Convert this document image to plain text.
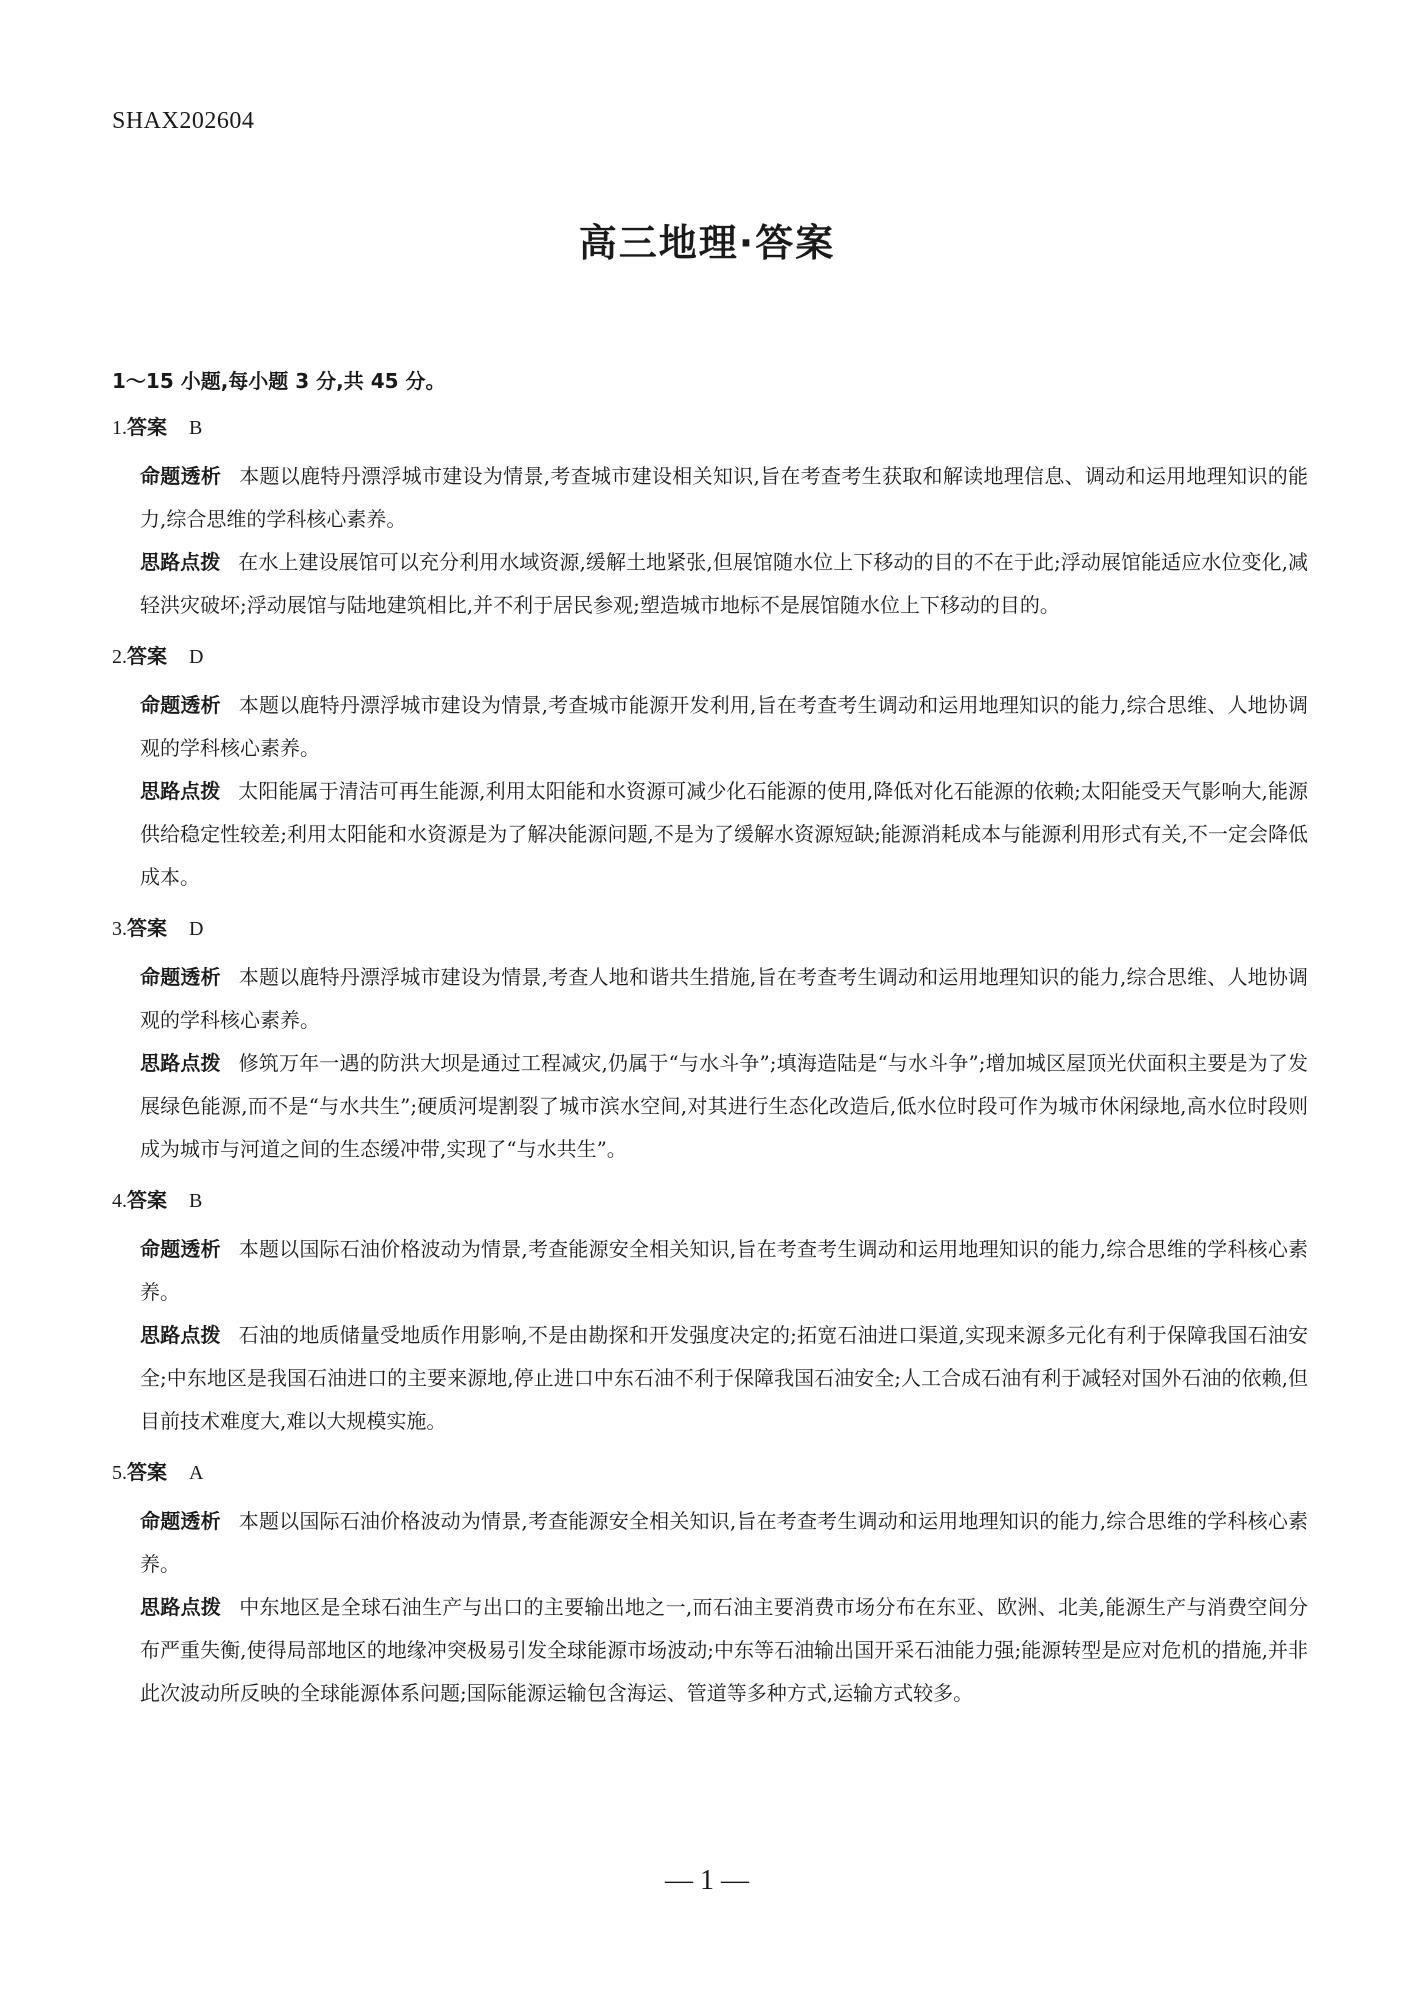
SHAX202604
高三地理·答案
1～15 小题,每小题 3 分,共 45 分。
1.答案 B
命题透析 本题以鹿特丹漂浮城市建设为情景,考查城市建设相关知识,旨在考查考生获取和解读地理信息、调动和运用地理知识的能力,综合思维的学科核心素养。
思路点拨 在水上建设展馆可以充分利用水域资源,缓解土地紧张,但展馆随水位上下移动的目的不在于此;浮动展馆能适应水位变化,减轻洪灾破坏;浮动展馆与陆地建筑相比,并不利于居民参观;塑造城市地标不是展馆随水位上下移动的目的。
2.答案 D
命题透析 本题以鹿特丹漂浮城市建设为情景,考查城市能源开发利用,旨在考查考生调动和运用地理知识的能力,综合思维、人地协调观的学科核心素养。
思路点拨 太阳能属于清洁可再生能源,利用太阳能和水资源可减少化石能源的使用,降低对化石能源的依赖;太阳能受天气影响大,能源供给稳定性较差;利用太阳能和水资源是为了解决能源问题,不是为了缓解水资源短缺;能源消耗成本与能源利用形式有关,不一定会降低成本。
3.答案 D
命题透析 本题以鹿特丹漂浮城市建设为情景,考查人地和谐共生措施,旨在考查考生调动和运用地理知识的能力,综合思维、人地协调观的学科核心素养。
思路点拨 修筑万年一遇的防洪大坝是通过工程减灾,仍属于“与水斗争”;填海造陆是“与水斗争”;增加城区屋顶光伏面积主要是为了发展绿色能源,而不是“与水共生”;硬质河堤割裂了城市滨水空间,对其进行生态化改造后,低水位时段可作为城市休闲绿地,高水位时段则成为城市与河道之间的生态缓冲带,实现了“与水共生”。
4.答案 B
命题透析 本题以国际石油价格波动为情景,考查能源安全相关知识,旨在考查考生调动和运用地理知识的能力,综合思维的学科核心素养。
思路点拨 石油的地质储量受地质作用影响,不是由勘探和开发强度决定的;拓宽石油进口渠道,实现来源多元化有利于保障我国石油安全;中东地区是我国石油进口的主要来源地,停止进口中东石油不利于保障我国石油安全;人工合成石油有利于减轻对国外石油的依赖,但目前技术难度大,难以大规模实施。
5.答案 A
命题透析 本题以国际石油价格波动为情景,考查能源安全相关知识,旨在考查考生调动和运用地理知识的能力,综合思维的学科核心素养。
思路点拨 中东地区是全球石油生产与出口的主要输出地之一,而石油主要消费市场分布在东亚、欧洲、北美,能源生产与消费空间分布严重失衡,使得局部地区的地缘冲突极易引发全球能源市场波动;中东等石油输出国开采石油能力强;能源转型是应对危机的措施,并非此次波动所反映的全球能源体系问题;国际能源运输包含海运、管道等多种方式,运输方式较多。
— 1 —
